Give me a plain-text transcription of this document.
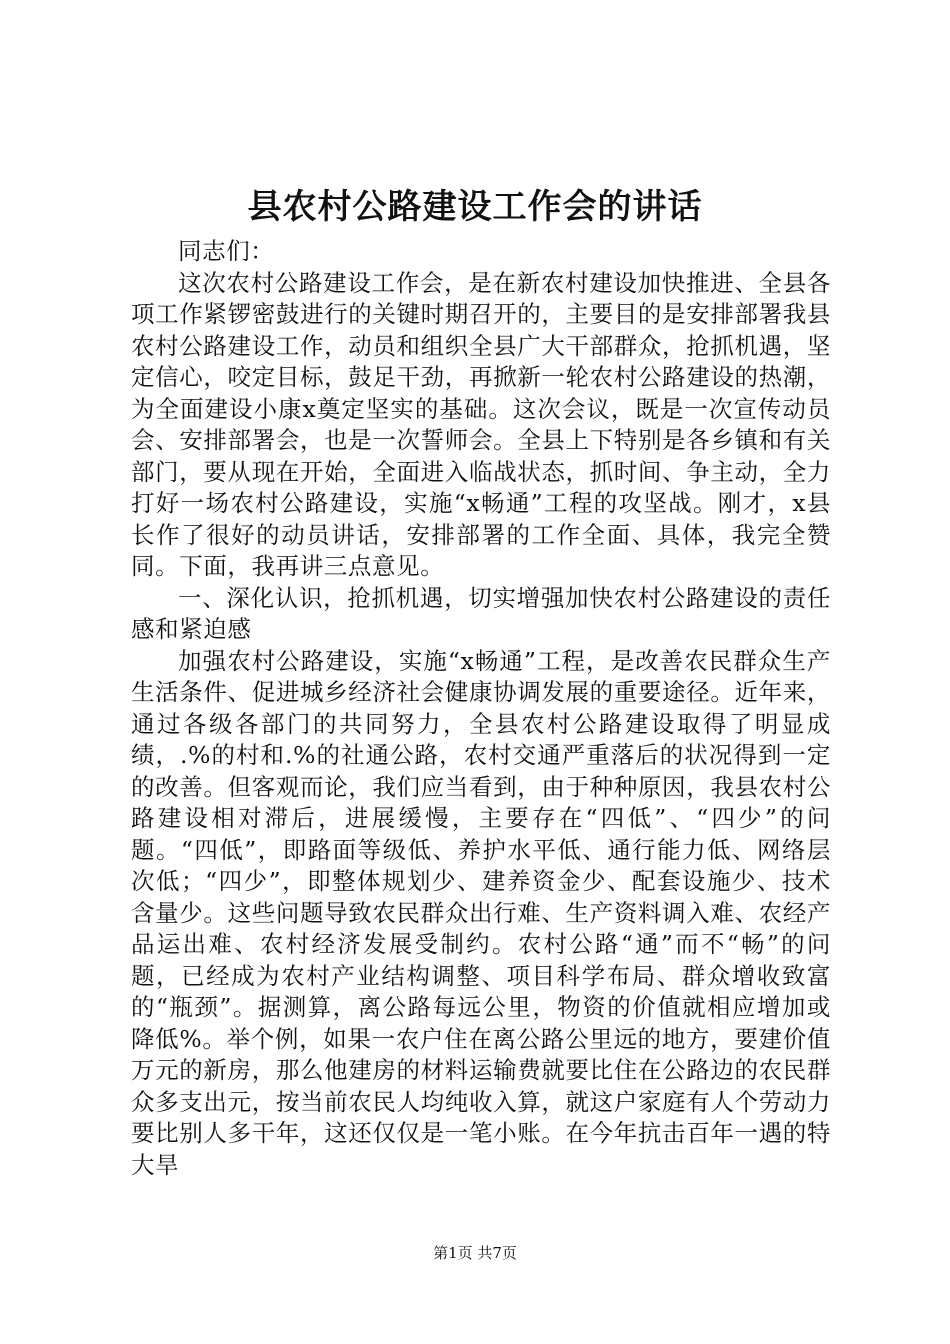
县农村公路建设工作会的讲话

同志们：

这次农村公路建设工作会，是在新农村建设加快推进、全县各项工作紧锣密鼓进行的关键时期召开的，主要目的是安排部署我县农村公路建设工作，动员和组织全县广大干部群众，抢抓机遇，坚定信心，咬定目标，鼓足干劲，再掀新一轮农村公路建设的热潮，为全面建设小康x奠定坚实的基础。这次会议，既是一次宣传动员会、安排部署会，也是一次誓师会。全县上下特别是各乡镇和有关部门，要从现在开始，全面进入临战状态，抓时间、争主动，全力打好一场农村公路建设，实施“x畅通”工程的攻坚战。刚才，x县长作了很好的动员讲话，安排部署的工作全面、具体，我完全赞同。下面，我再讲三点意见。

一、深化认识，抢抓机遇，切实增强加快农村公路建设的责任感和紧迫感

加强农村公路建设，实施“x畅通”工程，是改善农民群众生产生活条件、促进城乡经济社会健康协调发展的重要途径。近年来，通过各级各部门的共同努力，全县农村公路建设取得了明显成绩，.%的村和.%的社通公路，农村交通严重落后的状况得到一定的改善。但客观而论，我们应当看到，由于种种原因，我县农村公路建设相对滞后，进展缓慢，主要存在“四低”、“四少”的问题。“四低”，即路面等级低、养护水平低、通行能力低、网络层次低；“四少”，即整体规划少、建养资金少、配套设施少、技术含量少。这些问题导致农民群众出行难、生产资料调入难、农经产品运出难、农村经济发展受制约。农村公路“通”而不“畅”的问题，已经成为农村产业结构调整、项目科学布局、群众增收致富的“瓶颈”。据测算，离公路每远公里，物资的价值就相应增加或降低%。举个例，如果一农户住在离公路公里远的地方，要建价值万元的新房，那么他建房的材料运输费就要比住在公路边的农民群众多支出元，按当前农民人均纯收入算，就这户家庭有人个劳动力要比别人多干年，这还仅仅是一笔小账。在今年抗击百年一遇的特大旱

第1页 共7页
